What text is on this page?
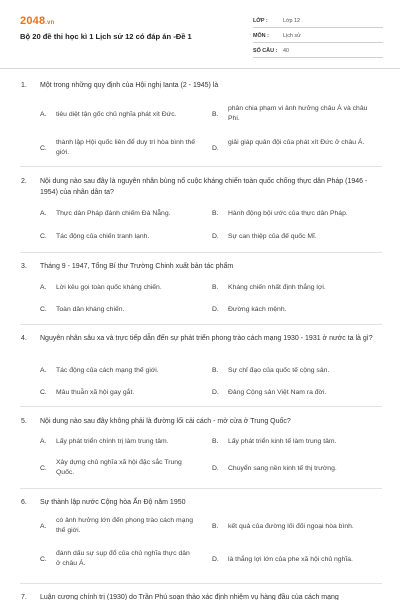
2048.vn
Bộ 20 đề thi học kì 1 Lịch sử 12 có đáp án -Đề 1
LỚP :	Lớp 12
MÔN :	Lịch sử
SỐ CÂU : 40
1. Một trong những quy định của Hội nghị Ianta (2 - 1945) là
A.	tiêu diệt tận gốc chủ nghĩa phát xít Đức.	B.
phân chia phạm vi ảnh hưởng châu Á và châu Phi.
C.
thành lập Hội quốc liên để duy trì hòa bình thế giới.
D.
giải giáp quân đội của phát xít Đức ở châu Á.
2. Nội dung nào sau đây là nguyên nhân bùng nổ cuộc kháng chiến toàn quốc chống thực dân Pháp (1946 - 1954) của nhân dân ta?
A.	Thực dân Pháp đánh chiếm Đà Nẵng.	B.	Hành động bội ước của thực dân Pháp.
C.	Tác động của chiến tranh lạnh.	D.	Sự can thiệp của đế quốc Mĩ.
3. Tháng 9 - 1947, Tổng Bí thư Trường Chinh xuất bản tác phẩm
A.	Lời kêu gọi toàn quốc kháng chiến.	B.	Kháng chiến nhất định thắng lợi.
C.	Toàn dân kháng chiến.	D.	Đường kách mệnh.
4. Nguyên nhân sâu xa và trực tiếp dẫn đến sự phát triển phong trào cách mạng 1930 - 1931 ở nước ta là gì?
A.	Tác động của cách mạng thế giới.	B.	Sự chỉ đạo của quốc tế cộng sản.
C.	Mâu thuẫn xã hội gay gắt.	D.	Đảng Cộng sản Việt Nam ra đời.
5. Nội dung nào sau đây không phải là đường lối cải cách - mở cửa ở Trung Quốc?
A.	Lấy phát triển chính trị làm trung tâm.	B.	Lấy phát triển kinh tế làm trung tâm.
C.
Xây dựng chủ nghĩa xã hội đặc sắc Trung Quốc.
D.	Chuyển sang nền kinh tế thị trường.
6. Sự thành lập nước Cộng hòa Ấn Độ năm 1950
A.
có ảnh hưởng lớn đến phong trào cách mạng thế giới.
B.	kết quả của đường lối đối ngoại hòa bình.
C.
đánh dấu sự sụp đổ của chủ nghĩa thực dân ở châu Á.
D.	là thắng lợi lớn của phe xã hội chủ nghĩa.
7. Luận cương chính trị (1930) do Trần Phú soạn thảo xác định nhiệm vụ hàng đầu của cách mạng
